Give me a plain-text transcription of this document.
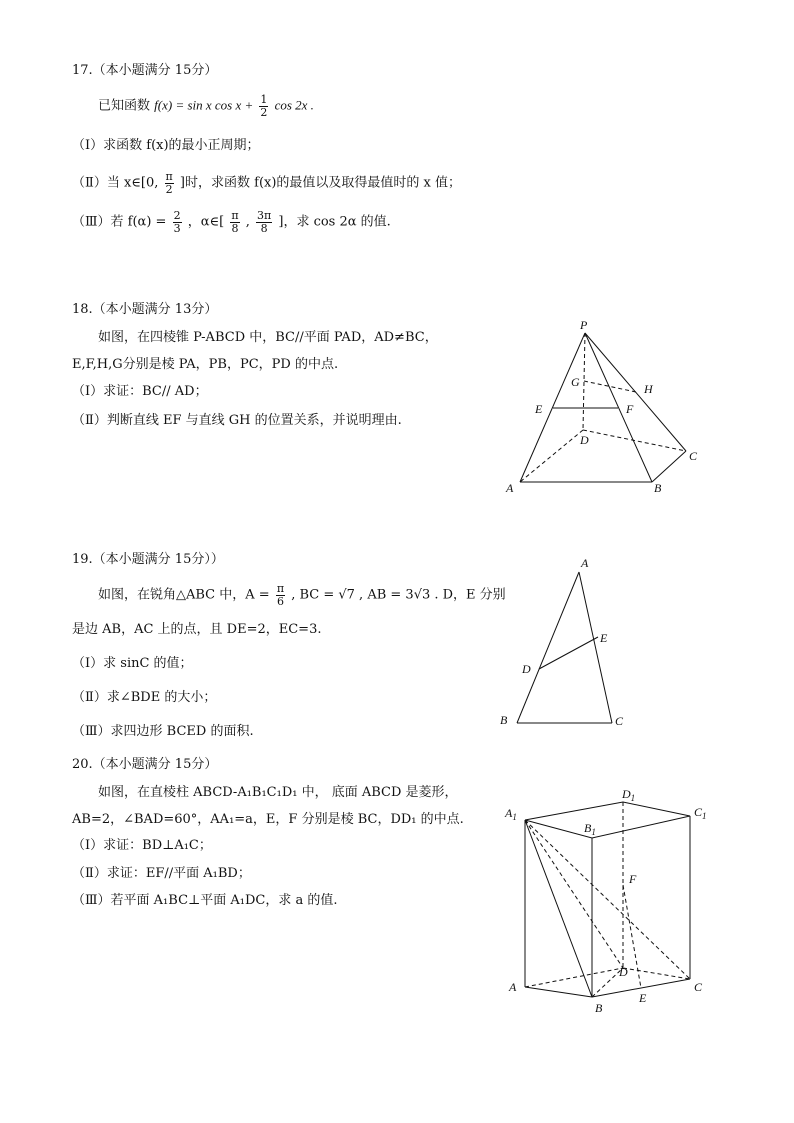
17.（本小题满分 15分）
已知函数 f(x) = sin x $\cos x + \frac{1}{2}$ cos 2x .
（Ⅰ）求函数 f(x)的最小正周期；
（Ⅱ）当 x∈[0, $\frac{\pi}{2}$ ]时，求函数 f(x)的最值以及取得最值时的 x 值；
（Ⅲ）若 $f(\alpha) = \frac{2}{3}$ ，α∈[ $\frac{\pi}{8}$ , $\frac{3\pi}{8}$ ]，求 cos 2α 的值.
18.（本小题满分 13分）
如图，在四棱锥 P-ABCD 中，BC//平面 PAD，AD≠BC，
E,F,H,G分别是棱 PA，PB，PC，PD 的中点.
（Ⅰ）求证：BC// AD；
（Ⅱ）判断直线 EF 与直线 GH 的位置关系，并说明理由.
P
G	H
E	F
D
C
A	B
19.（本小题满分 15分））
如图，在锐角△ABC 中，$A = \frac{\pi}{6}$ , BC = √7 , AB = 3√3 . D，E 分别
是边 AB，AC 上的点，且 DE=2，EC=3.
（Ⅰ）求 sinC 的值；
（Ⅱ）求∠BDE 的大小；
（Ⅲ）求四边形 BCED 的面积.
A
E
D
B	C
20.（本小题满分 15分）
如图，在直棱柱 ABCD-A₁B₁C₁D₁ 中， 底面 ABCD 是菱形，
AB=2，∠BAD=60°，AA₁=a，E，F 分别是棱 BC，DD₁ 的中点.
（Ⅰ）求证：BD⊥A₁C；
（Ⅱ）求证：EF//平面 A₁BD；
（Ⅲ）若平面 A₁BC⊥平面 A₁DC，求 a 的值.
$A_1$
$B_1$
$C_1$
$D_1$
F
D
A	C
E
B
